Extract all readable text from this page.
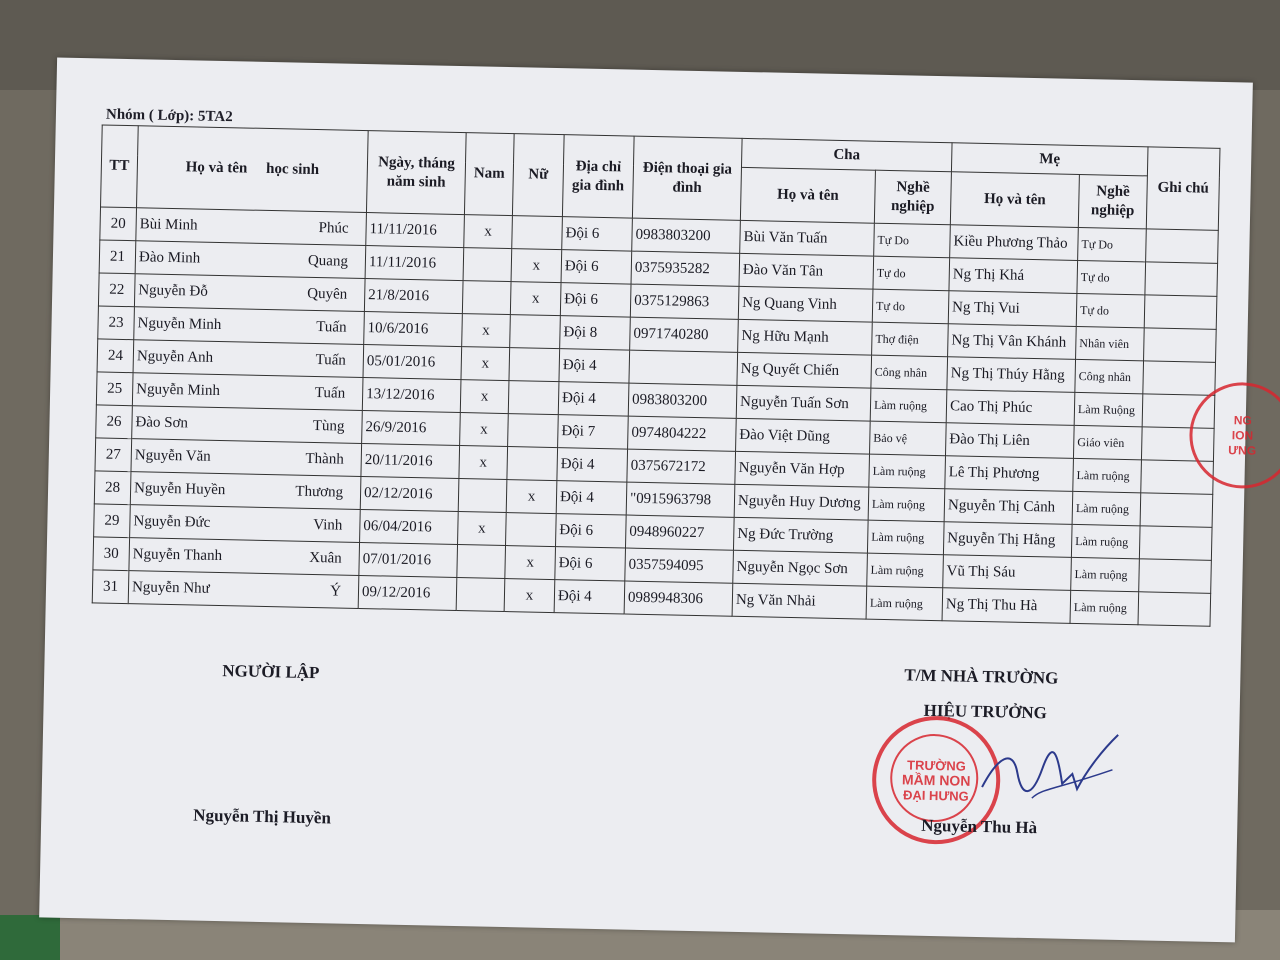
Nhóm ( Lớp): 5TA2
TT	Họ và tên học sinh	Ngày, tháng năm sinh	Nam	Nữ	Địa chỉ gia đình	Điện thoại gia đình	Cha		Mẹ		Ghi chú
							Họ và tên	Nghề nghiệp	Họ và tên	Nghề nghiệp	
20	Bùi Minh Phúc	11/11/2016	x		Đội 6	0983803200	Bùi Văn Tuấn	Tự Do	Kiều Phương Thảo	Tự Do	
21	Đào Minh Quang	11/11/2016		x	Đội 6	0375935282	Đào Văn Tân	Tự do	Ng Thị Khá	Tự do	
22	Nguyễn Đỗ Quyên	21/8/2016		x	Đội 6	0375129863	Ng Quang Vinh	Tự do	Ng Thị Vui	Tự do	
23	Nguyễn Minh Tuấn	10/6/2016	x		Đội 8	0971740280	Ng Hữu Mạnh	Thợ điện	Ng Thị Vân Khánh	Nhân viên	
24	Nguyễn Anh Tuấn	05/01/2016	x		Đội 4		Ng Quyết Chiến	Công nhân	Ng Thị Thúy Hằng	Công nhân	
25	Nguyễn Minh Tuấn	13/12/2016	x		Đội 4	0983803200	Nguyễn Tuấn Sơn	Làm ruộng	Cao Thị Phúc	Làm Ruộng	
26	Đào Sơn Tùng	26/9/2016	x		Đội 7	0974804222	Đào Việt Dũng	Bảo vệ	Đào Thị Liên	Giáo viên	
27	Nguyễn Văn Thành	20/11/2016	x		Đội 4	0375672172	Nguyễn Văn Hợp	Làm ruộng	Lê Thị Phương	Làm ruộng	
28	Nguyễn Huyền Thương	02/12/2016		x	Đội 4	"0915963798	Nguyễn Huy Dương	Làm ruộng	Nguyễn Thị Cảnh	Làm ruộng	
29	Nguyễn Đức Vinh	06/04/2016	x		Đội 6	0948960227	Ng Đức Trường	Làm ruộng	Nguyễn Thị Hằng	Làm ruộng	
30	Nguyễn Thanh Xuân	07/01/2016		x	Đội 6	0357594095	Nguyễn Ngọc Sơn	Làm ruộng	Vũ Thị Sáu	Làm ruộng	
31	Nguyễn Như Ý	09/12/2016		x	Đội 4	0989948306	Ng Văn Nhải	Làm ruộng	Ng Thị Thu Hà	Làm ruộng	
NGƯỜI LẬP
Nguyễn Thị Huyền
T/M NHÀ TRƯỜNG
HIỆU TRƯỞNG
TRƯỜNG
MẦM NON
ĐẠI HƯNG
Nguyễn Thu Hà
NG
ION
ƯNG
